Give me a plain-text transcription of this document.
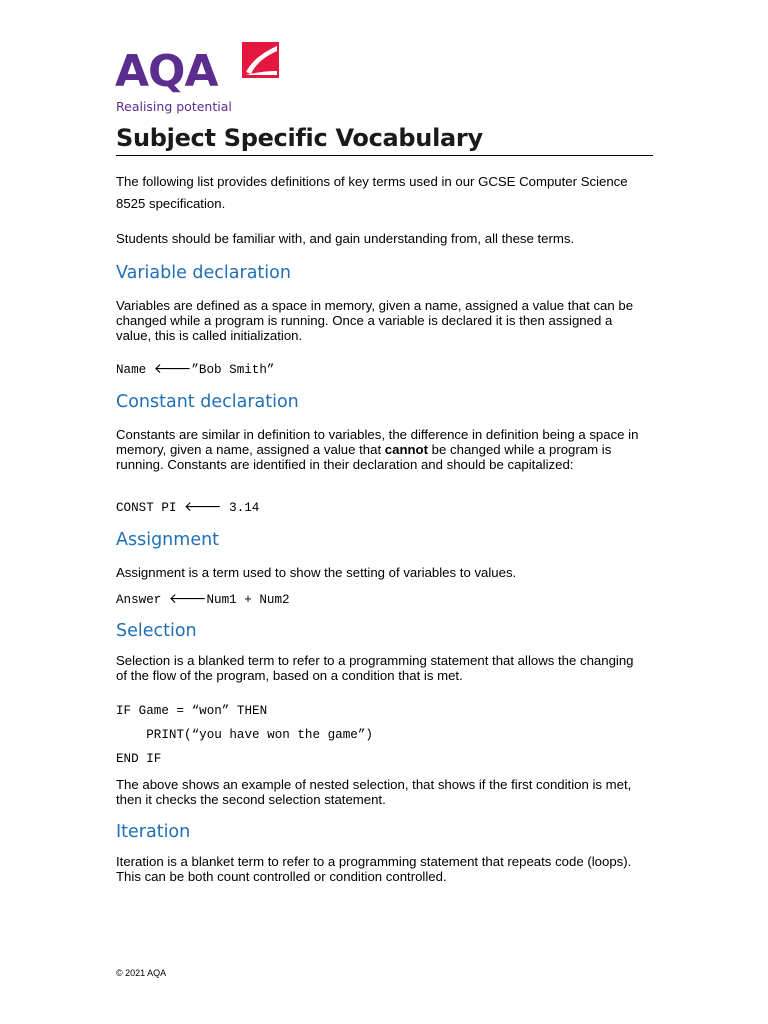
AQA
Realising potential
Subject Specific Vocabulary
The following list provides definitions of key terms used in our GCSE Computer Science 8525 specification.
Students should be familiar with, and gain understanding from, all these terms.
Variable declaration
Variables are defined as a space in memory, given a name, assigned a value that can be changed while a program is running. Once a variable is declared it is then assigned a value, this is called initialization.
Name 🡐”Bob Smith”
Constant declaration
Constants are similar in definition to variables, the difference in definition being a space in memory, given a name, assigned a value that cannot be changed while a program is running. Constants are identified in their declaration and should be capitalized:
CONST PI 🡐 3.14
Assignment
Assignment is a term used to show the setting of variables to values.
Answer 🡐Num1 + Num2
Selection
Selection is a blanked term to refer to a programming statement that allows the changing of the flow of the program, based on a condition that is met.
IF Game = “won” THEN
PRINT(“you have won the game”)
END IF
The above shows an example of nested selection, that shows if the first condition is met, then it checks the second selection statement.
Iteration
Iteration is a blanket term to refer to a programming statement that repeats code (loops). This can be both count controlled or condition controlled.
© 2021 AQA
